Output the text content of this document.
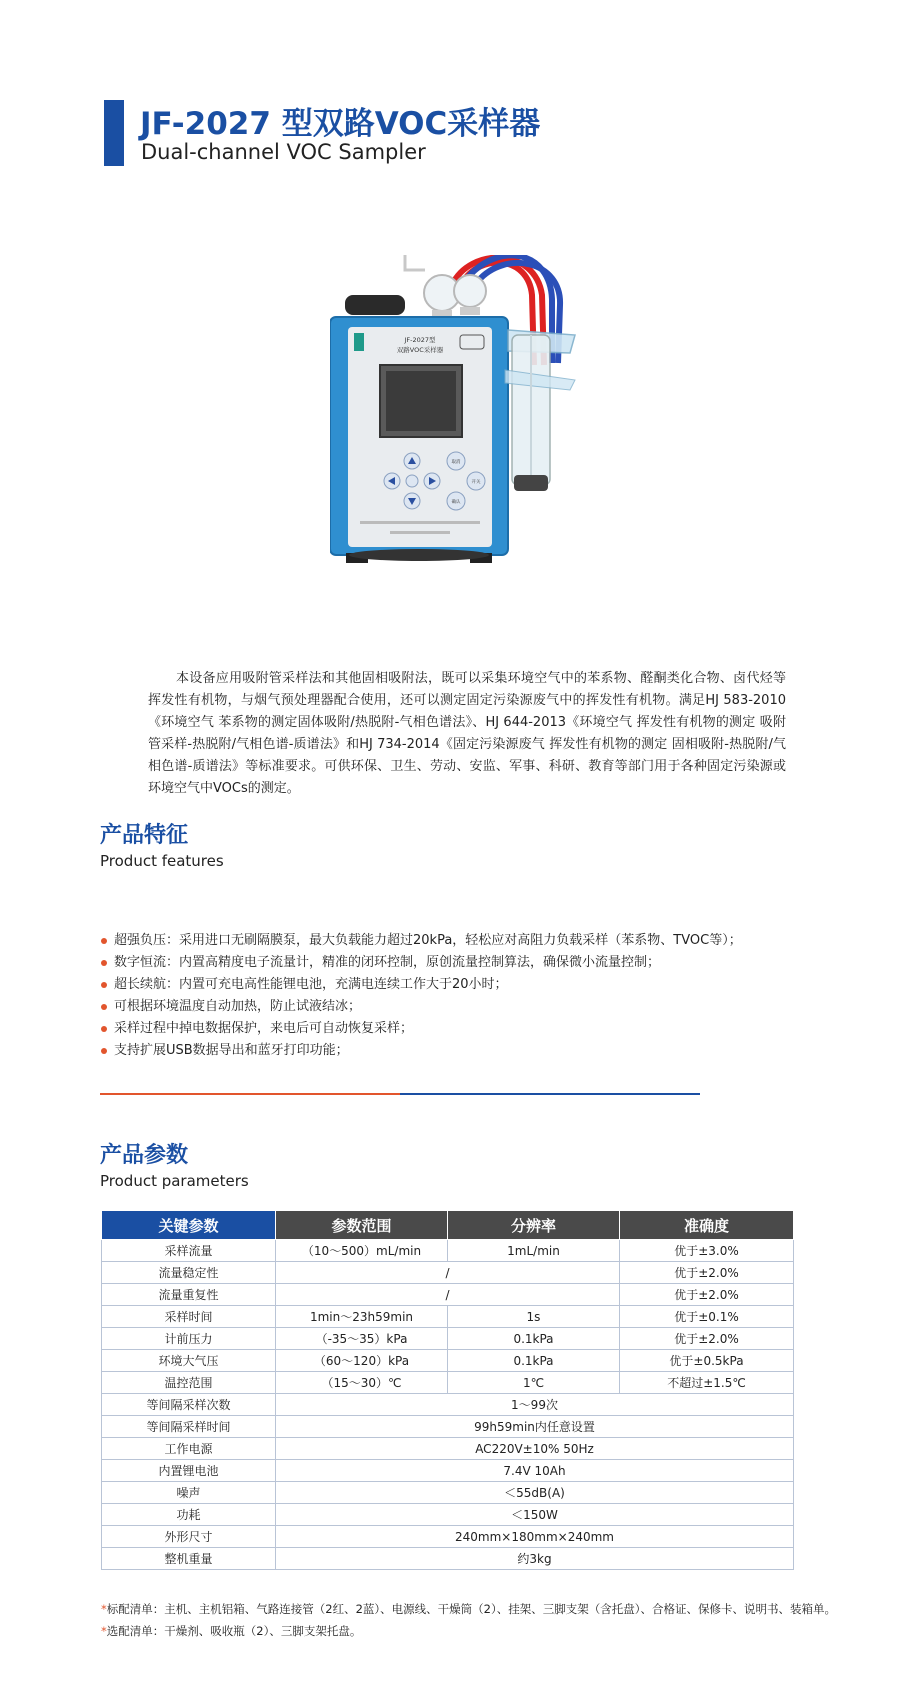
JF-2027 型双路VOC采样器
Dual-channel VOC Sampler
JF-2027型
双路VOC采样器
取消
开关
确认
本设备应用吸附管采样法和其他固相吸附法，既可以采集环境空气中的苯系物、醛酮类化合物、卤代烃等挥发性有机物，与烟气预处理器配合使用，还可以测定固定污染源废气中的挥发性有机物。满足HJ 583-2010《环境空气 苯系物的测定固体吸附/热脱附-气相色谱法》、HJ 644-2013《环境空气 挥发性有机物的测定 吸附管采样-热脱附/气相色谱-质谱法》和HJ 734-2014《固定污染源废气 挥发性有机物的测定 固相吸附-热脱附/气相色谱-质谱法》等标准要求。可供环保、卫生、劳动、安监、军事、科研、教育等部门用于各种固定污染源或环境空气中VOCs的测定。
产品特征
Product features
超强负压：采用进口无刷隔膜泵，最大负载能力超过20kPa，轻松应对高阻力负载采样（苯系物、TVOC等）；
数字恒流：内置高精度电子流量计，精准的闭环控制，原创流量控制算法，确保微小流量控制；
超长续航：内置可充电高性能锂电池，充满电连续工作大于20小时；
可根据环境温度自动加热，防止试液结冰；
采样过程中掉电数据保护，来电后可自动恢复采样；
支持扩展USB数据导出和蓝牙打印功能；
产品参数
Product parameters
关键参数	参数范围	分辨率	准确度
采样流量	（10～500）mL/min	1mL/min	优于±3.0%
流量稳定性	/		优于±2.0%
流量重复性	/		优于±2.0%
采样时间	1min～23h59min	1s	优于±0.1%
计前压力	（-35～35）kPa	0.1kPa	优于±2.0%
环境大气压	（60～120）kPa	0.1kPa	优于±0.5kPa
温控范围	（15～30）℃	1℃	不超过±1.5℃
等间隔采样次数	1～99次		
等间隔采样时间	99h59min内任意设置		
工作电源	AC220V±10% 50Hz		
内置锂电池	7.4V 10Ah		
噪声	＜55dB(A)		
功耗	＜150W		
外形尺寸	240mm×180mm×240mm		
整机重量	约3kg		

*标配清单：主机、主机铝箱、气路连接管（2红、2蓝）、电源线、干燥筒（2）、挂架、三脚支架（含托盘）、合格证、保修卡、说明书、装箱单。

*选配清单：干燥剂、吸收瓶（2）、三脚支架托盘。
